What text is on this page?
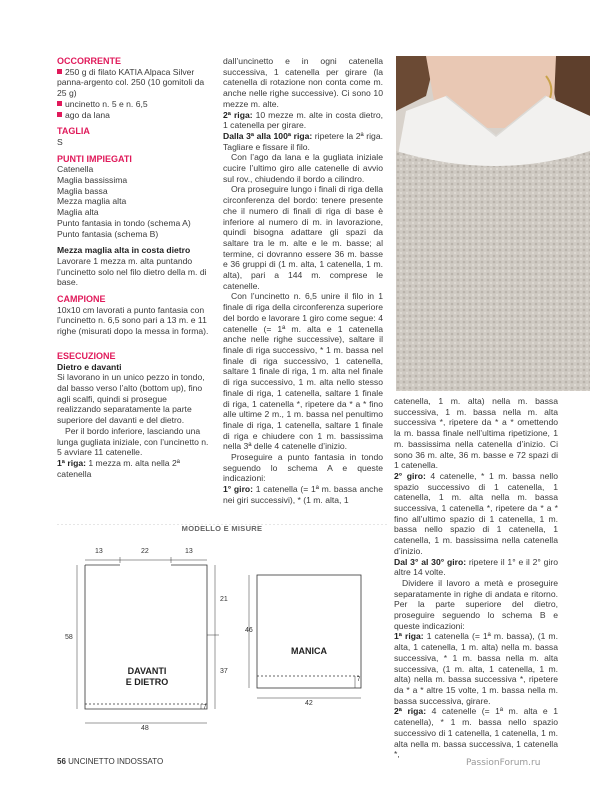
OCCORRENTE

250 g di filato KATIA Alpaca Silver panna-argento col. 250 (10 gomitoli da 25 g)

uncinetto n. 5 e n. 6,5

ago da lana

TAGLIA

S

PUNTI IMPIEGATI

Catenella

Maglia bassissima

Maglia bassa

Mezza maglia alta

Maglia alta

Punto fantasia in tondo (schema A)

Punto fantasia (schema B)

Mezza maglia alta in costa dietro

Lavorare 1 mezza m. alta puntando l’uncinetto solo nel filo dietro della m. di base.

CAMPIONE

10x10 cm lavorati a punto fantasia con l’uncinetto n. 6,5 sono pari a 13 m. e 11 righe (misurati dopo la messa in forma).

ESECUZIONE

Dietro e davanti

Si lavorano in un unico pezzo in tondo, dal basso verso l’alto (bottom up), fino agli scalfi, quindi si prosegue realizzando separatamente la parte superiore del davanti e del dietro.

Per il bordo inferiore, lasciando una lunga gugliata iniziale, con l’uncinetto n. 5 avviare 11 catenelle.

1ª riga: 1 mezza m. alta nella 2ª catenella

dall’uncinetto e in ogni catenella successiva, 1 catenella per girare (la catenella di rotazione non conta come m. anche nelle righe successive). Ci sono 10 mezze m. alte.

2ª riga: 10 mezze m. alte in costa dietro, 1 catenella per girare.

Dalla 3ª alla 100ª riga: ripetere la 2ª riga. Tagliare e fissare il filo.

Con l’ago da lana e la gugliata iniziale cucire l’ultimo giro alle catenelle di avvio sul rov., chiudendo il bordo a cilindro.

Ora proseguire lungo i finali di riga della circonferenza del bordo: tenere presente che il numero di finali di riga di base è inferiore al numero di m. in lavorazione, quindi bisogna adattare gli spazi da saltare tra le m. alte e le m. basse; al termine, ci dovranno essere 36 m. basse e 36 gruppi di (1 m. alta, 1 catenella, 1 m. alta), pari a 144 m. comprese le catenelle.

Con l’uncinetto n. 6,5 unire il filo in 1 finale di riga della circonferenza superiore del bordo e lavorare 1 giro come segue: 4 catenelle (= 1ª m. alta e 1 catenella anche nelle righe successive), saltare il finale di riga successivo, * 1 m. bassa nel finale di riga successivo, 1 catenella, saltare 1 finale di riga, 1 m. alta nel finale di riga successivo, 1 m. alta nello stesso finale di riga, 1 catenella, saltare 1 finale di riga, 1 catenella *, ripetere da * a * fino alle ultime 2 m., 1 m. bassa nel penultimo finale di riga, 1 catenella, saltare 1 finale di riga e chiudere con 1 m. bassissima nella 3ª delle 4 catenelle d’inizio.

Proseguire a punto fantasia in tondo seguendo lo schema A e queste indicazioni:

1° giro: 1 catenella (= 1ª m. bassa anche nei giri successivi), * (1 m. alta, 1

catenella, 1 m. alta) nella m. bassa successiva, 1 m. bassa nella m. alta successiva *, ripetere da * a * omettendo la m. bassa finale nell’ultima ripetizione, 1 m. bassissima nella catenella d’inizio. Ci sono 36 m. alte, 36 m. basse e 72 spazi di 1 catenella.

2° giro: 4 catenelle, * 1 m. bassa nello spazio successivo di 1 catenella, 1 catenella, 1 m. alta nella m. bassa successiva, 1 catenella *, ripetere da * a * fino all’ultimo spazio di 1 catenella, 1 m. bassa nello spazio di 1 catenella, 1 catenella, 1 m. bassissima nella catenella d’inizio.

Dal 3° al 30° giro: ripetere il 1° e il 2° giro altre 14 volte.

Dividere il lavoro a metà e proseguire separatamente in righe di andata e ritorno. Per la parte superiore del dietro, proseguire seguendo lo schema B e queste indicazioni:

1ª riga: 1 catenella (= 1ª m. bassa), (1 m. alta, 1 catenella, 1 m. alta) nella m. bassa successiva, * 1 m. bassa nella m. alta successiva, (1 m. alta, 1 catenella, 1 m. alta) nella m. bassa successiva *, ripetere da * a * altre 15 volte, 1 m. bassa nella m. bassa successiva, girare.

2ª riga: 4 catenelle (= 1ª m. alta e 1 catenella), * 1 m. bassa nello spazio successivo di 1 catenella, 1 catenella, 1 m. alta nella m. bassa successiva, 1 catenella *,

MODELLO E MISURE
13	22	13
58
21
37
7
48
46
7
42
DAVANTI
E DIETRO
MANICA
56 UNCINETTO INDOSSATO	PassionForum.ru
